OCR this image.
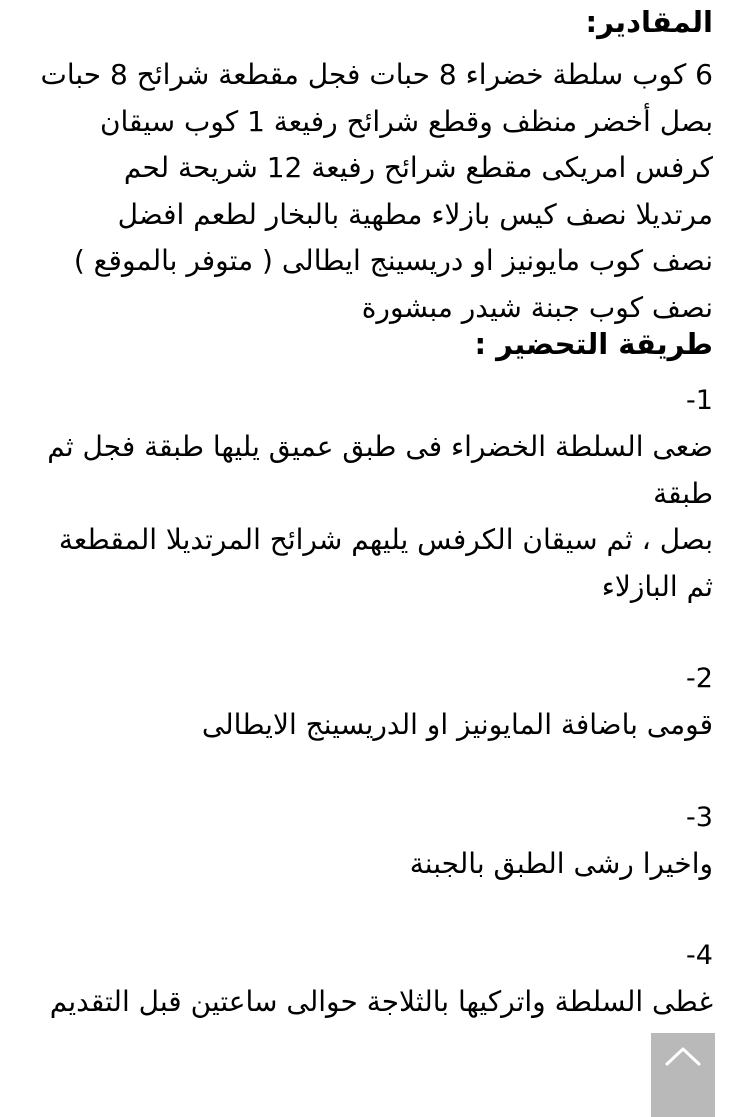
المقادير:
6 كوب سلطة خضراء 8 حبات فجل مقطعة شرائح 8 حبات
بصل أخضر منظف وقطع شرائح رفيعة 1 كوب سيقان
كرفس امريكى مقطع شرائح رفيعة 12 شريحة لحم
مرتديلا نصف كيس بازلاء مطهية بالبخار لطعم افضل
نصف كوب مايونيز او دريسينج ايطالى ( متوفر بالموقع )
نصف كوب جبنة شيدر مبشورة
طريقة التحضير :
-1
ضعى السلطة الخضراء فى طبق عميق يليها طبقة فجل ثم طبقة
بصل ، ثم سيقان الكرفس يليهم شرائح المرتديلا المقطعة
ثم البازلاء
-2
قومى باضافة المايونيز او الدريسينج الايطالى
-3
واخيرا رشى الطبق بالجبنة
-4
غطى السلطة واتركيها بالثلاجة حوالى ساعتين قبل التقديم
